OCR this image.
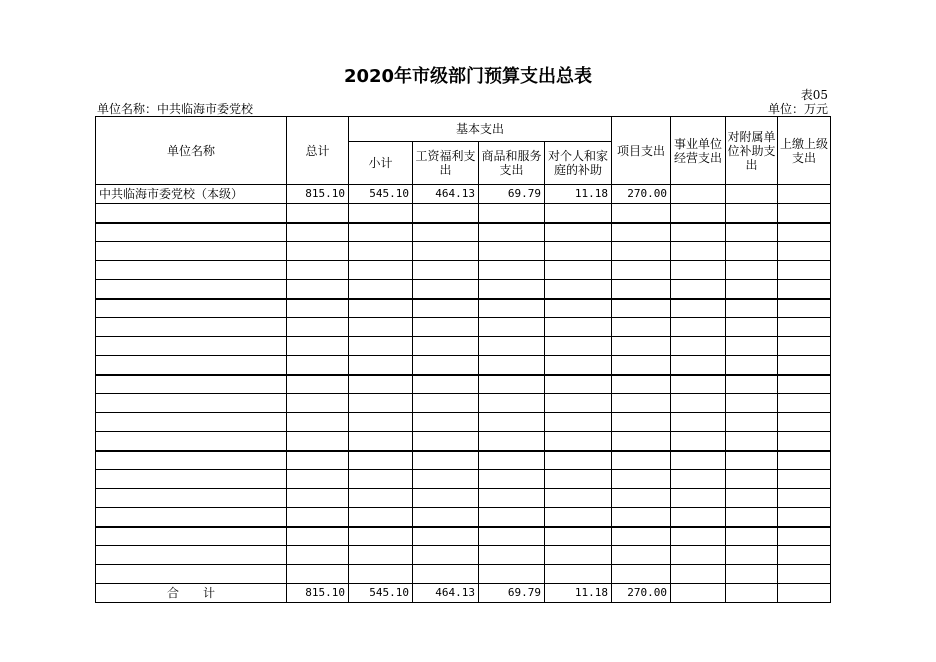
2020年市级部门预算支出总表
表05
单位名称：中共临海市委党校	单位：万元
单位名称	总计	基本支出				项目支出	事业单位经营支出	对附属单位补助支出	上缴上级支出
		小计	工资福利支出	商品和服务支出	对个人和家庭的补助				
中共临海市委党校（本级）	815.10	545.10	464.13	69.79	11.18	270.00			

合　　计	815.10	545.10	464.13	69.79	11.18	270.00			
